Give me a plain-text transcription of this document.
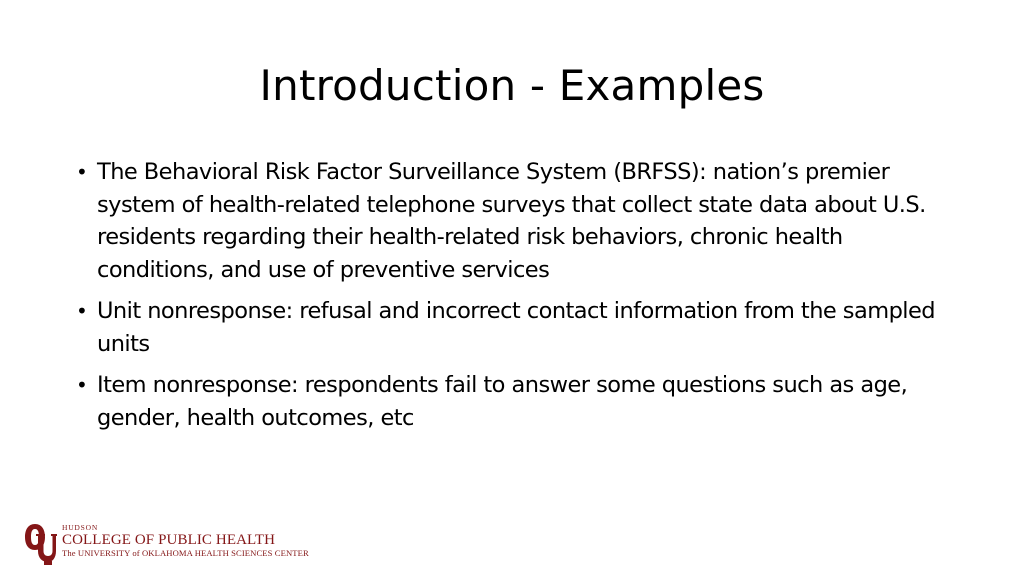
Introduction - Examples
• The Behavioral Risk Factor Surveillance System (BRFSS): nation’s premier system of health-related telephone surveys that collect state data about U.S. residents regarding their health-related risk behaviors, chronic health conditions, and use of preventive services
• Unit nonresponse: refusal and incorrect contact information from the sampled units
• Item nonresponse: respondents fail to answer some questions such as age, gender, health outcomes, etc
HUDSON
COLLEGE OF PUBLIC HEALTH
The UNIVERSITY of OKLAHOMA HEALTH SCIENCES CENTER
